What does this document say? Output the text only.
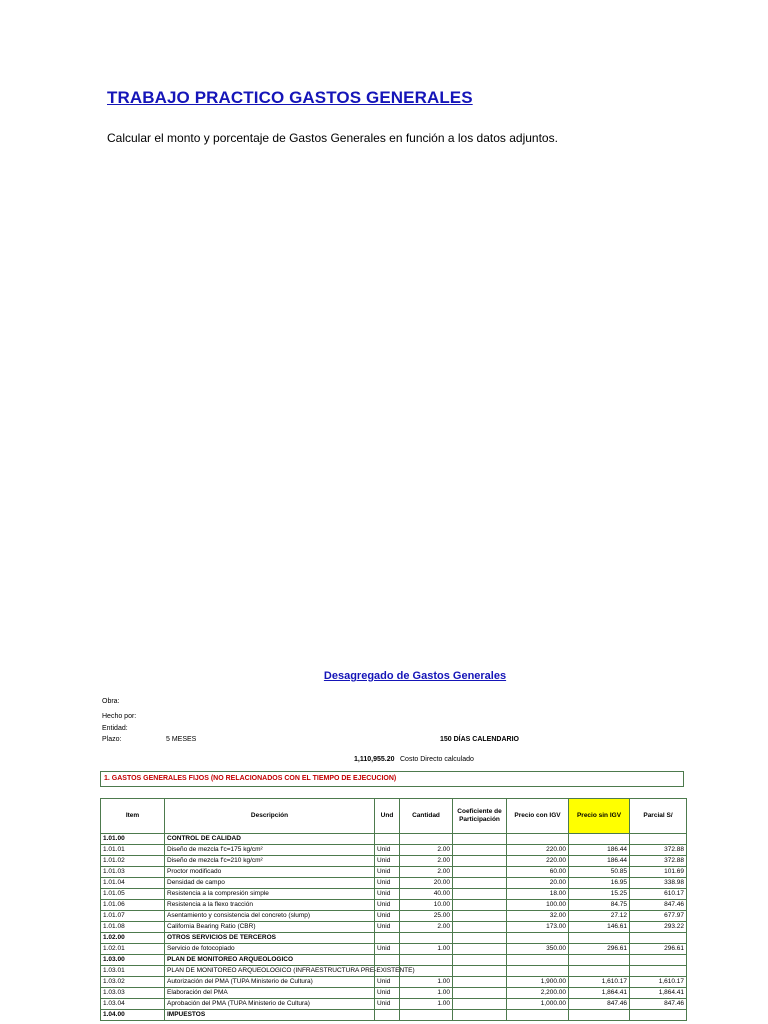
TRABAJO PRACTICO GASTOS GENERALES
Calcular el monto y porcentaje de Gastos Generales en función a los datos adjuntos.
Desagregado de Gastos Generales
Obra:
Hecho por:
Entidad:
Plazo:	5 MESES	150 DÍAS CALENDARIO
1,110,955.20 Costo Directo calculado
1. GASTOS GENERALES FIJOS (NO RELACIONADOS CON EL TIEMPO DE EJECUCION)
Item	Descripción	Und	Cantidad	Coeficiente de Participación	Precio con IGV	Precio sin IGV	Parcial S/
1.01.00	CONTROL DE CALIDAD						
1.01.01	Diseño de mezcla f'c=175 kg/cm²	Unid	2.00		220.00	186.44	372.88
1.01.02	Diseño de mezcla f'c=210 kg/cm²	Unid	2.00		220.00	186.44	372.88
1.01.03	Proctor modificado	Unid	2.00		60.00	50.85	101.69
1.01.04	Densidad de campo	Unid	20.00		20.00	16.95	338.98
1.01.05	Resistencia a la compresión simple	Unid	40.00		18.00	15.25	610.17
1.01.06	Resistencia a la flexo tracción	Unid	10.00		100.00	84.75	847.46
1.01.07	Asentamiento y consistencia del concreto (slump)	Unid	25.00		32.00	27.12	677.97
1.01.08	California Bearing Ratio (CBR)	Unid	2.00		173.00	146.61	293.22
1.02.00	OTROS SERVICIOS DE TERCEROS						
1.02.01	Servicio de fotocopiado	Unid	1.00		350.00	296.61	296.61
1.03.00	PLAN DE MONITOREO ARQUEOLOGICO						
1.03.01	PLAN DE MONITOREO ARQUEOLOGICO (INFRAESTRUCTURA PRE-EXISTENTE)						
1.03.02	Autorización del PMA (TUPA Ministerio de Cultura)	Unid	1.00		1,900.00	1,610.17	1,610.17
1.03.03	Elaboración del PMA	Unid	1.00		2,200.00	1,864.41	1,864.41
1.03.04	Aprobación del PMA (TUPA Ministerio de Cultura)	Unid	1.00		1,000.00	847.46	847.46
1.04.00	IMPUESTOS						
